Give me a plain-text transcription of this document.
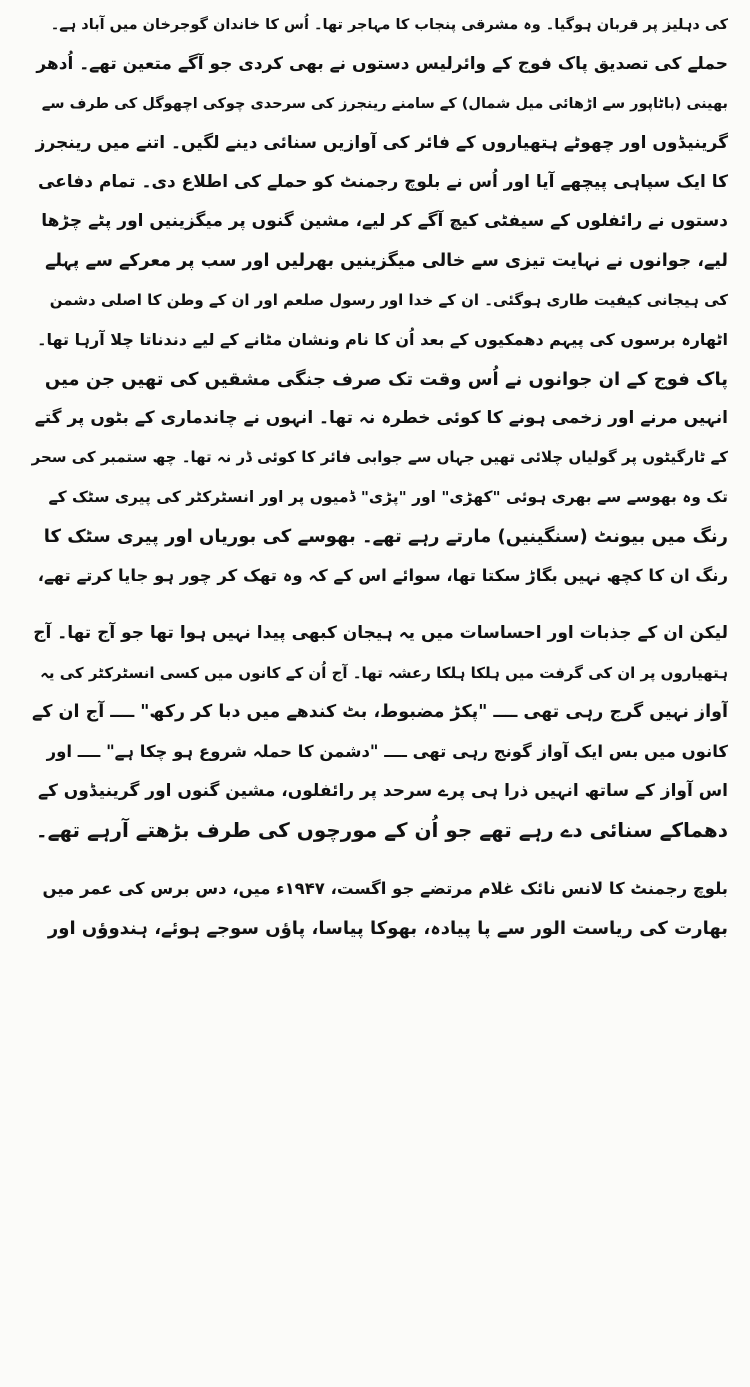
کی دہلیز پر قربان ہوگیا۔ وہ مشرقی پنجاب کا مہاجر تھا۔ اُس کا خاندان گوجرخان میں آباد ہے۔
حملے کی تصدیق پاک فوج کے وائرلیس دستوں نے بھی کردی جو آگے متعین تھے۔ اُدھر
بھینی (باٹاپور سے اڑھائی میل شمال) کے سامنے رینجرز کی سرحدی چوکی اچھوگل کی طرف سے
گرینیڈوں اور چھوٹے ہتھیاروں کے فائر کی آوازیں سنائی دینے لگیں۔ اتنے میں رینجرز
کا ایک سپاہی پیچھے آیا اور اُس نے بلوچ رجمنٹ کو حملے کی اطلاع دی۔ تمام دفاعی
دستوں نے رائفلوں کے سیفٹی کیچ آگے کر لیے، مشین گنوں پر میگزینیں اور پٹے چڑھا
لیے، جوانوں نے نہایت تیزی سے خالی میگزینیں بھرلیں اور سب پر معرکے سے پہلے
کی ہیجانی کیفیت طاری ہوگئی۔ ان کے خدا اور رسول صلعم اور ان کے وطن کا اصلی دشمن
اٹھارہ برسوں کی پیہم دھمکیوں کے بعد اُن کا نام ونشان مٹانے کے لیے دندناتا چلا آرہا تھا۔
پاک فوج کے ان جوانوں نے اُس وقت تک صرف جنگی مشقیں کی تھیں جن میں
انہیں مرنے اور زخمی ہونے کا کوئی خطرہ نہ تھا۔ انہوں نے چاندماری کے بٹوں پر گتے
کے ٹارگیٹوں پر گولیاں چلائی تھیں جہاں سے جوابی فائر کا کوئی ڈر نہ تھا۔ چھ ستمبر کی سحر
تک وہ بھوسے سے بھری ہوئی "کھڑی" اور "پڑی" ڈمیوں پر اور انسٹرکٹر کی پیری سٹک کے
رنگ میں بیونٹ (سنگینیں) مارتے رہے تھے۔ بھوسے کی بوریاں اور پیری سٹک کا
رنگ ان کا کچھ نہیں بگاڑ سکتا تھا، سوائے اس کے کہ وہ تھک کر چور ہو جایا کرتے تھے،
لیکن ان کے جذبات اور احساسات میں یہ ہیجان کبھی پیدا نہیں ہوا تھا جو آج تھا۔ آج
ہتھیاروں پر ان کی گرفت میں ہلکا ہلکا رعشہ تھا۔ آج اُن کے کانوں میں کسی انسٹرکٹر کی یہ
آواز نہیں گرج رہی تھی ــــ "پکڑ مضبوط، بٹ کندھے میں دبا کر رکھ" ــــ آج ان کے
کانوں میں بس ایک آواز گونج رہی تھی ــــ "دشمن کا حملہ شروع ہو چکا ہے" ــــ اور
اس آواز کے ساتھ انہیں ذرا ہی پرے سرحد پر رائفلوں، مشین گنوں اور گرینیڈوں کے
دھماکے سنائی دے رہے تھے جو اُن کے مورچوں کی طرف بڑھتے آرہے تھے۔
بلوچ رجمنٹ کا لانس نائک غلام مرتضے جو اگست، ۱۹۴۷ء میں، دس برس کی عمر میں
بھارت کی ریاست الور سے پا پیادہ، بھوکا پیاسا، پاؤں سوجے ہوئے، ہندوؤں اور
